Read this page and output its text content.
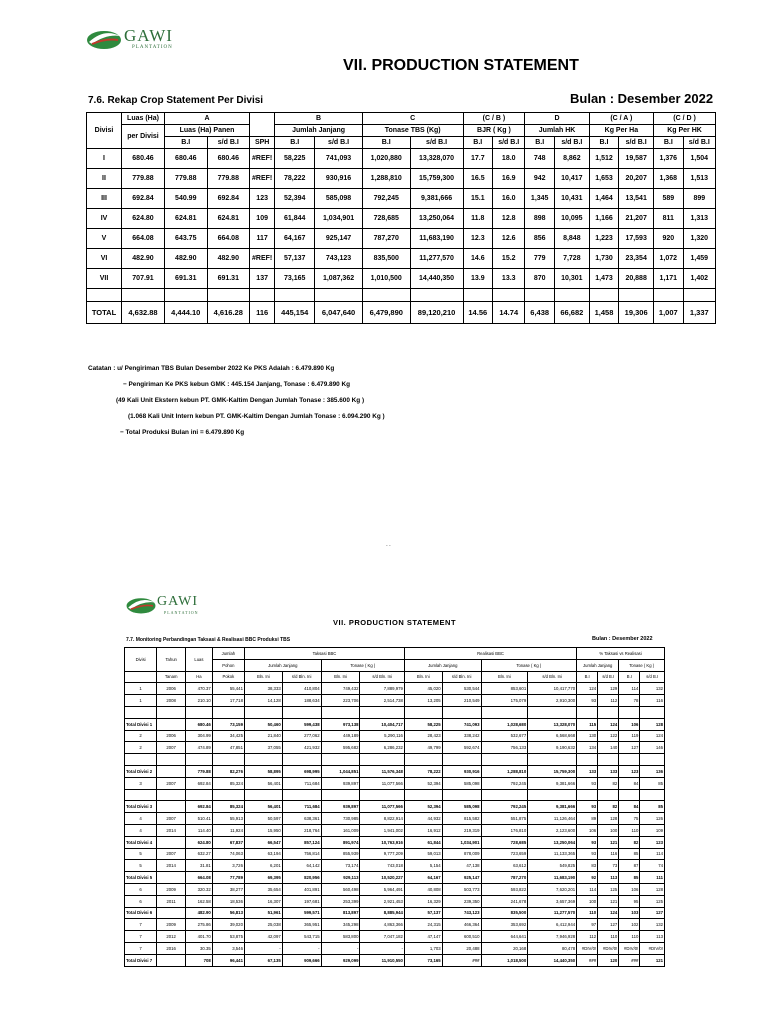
GAWI
PLANTATION
VII. PRODUCTION STATEMENT
7.6. Rekap Crop Statement Per Divisi	Bulan : Desember 2022
Divisi	Luas (Ha)	A			B		C		(C / B )		D		(C / A )		(C / D )	
	per Divisi	Luas (Ha) Panen			Jumlah Janjang		Tonase TBS (Kg)		BJR ( Kg )		Jumlah HK		Kg Per Ha		Kg Per HK	
		B.I	s/d B.I	SPH	B.I	s/d B.I	B.I	s/d B.I	B.I	s/d B.I	B.I	s/d B.I	B.I	s/d B.I	B.I	s/d B.I
I	680.46	680.46	680.46	#REF!	58,225	741,093	1,020,880	13,328,070	17.7	18.0	748	8,862	1,512	19,587	1,376	1,504
II	779.88	779.88	779.88	#REF!	78,222	930,916	1,288,810	15,759,300	16.5	16.9	942	10,417	1,653	20,207	1,368	1,513
III	692.84	540.99	692.84	123	52,394	585,098	792,245	9,381,666	15.1	16.0	1,345	10,431	1,464	13,541	589	899
IV	624.80	624.81	624.81	109	61,844	1,034,901	728,685	13,250,064	11.8	12.8	898	10,095	1,166	21,207	811	1,313
V	664.08	643.75	664.08	117	64,167	925,147	787,270	11,683,190	12.3	12.6	856	8,848	1,223	17,593	920	1,320
VI	482.90	482.90	482.90	#REF!	57,137	743,123	835,500	11,277,570	14.6	15.2	779	7,728	1,730	23,354	1,072	1,459
VII	707.91	691.31	691.31	137	73,165	1,087,362	1,010,500	14,440,350	13.9	13.3	870	10,301	1,473	20,888	1,171	1,402

TOTAL	4,632.88	4,444.10	4,616.28	116	445,154	6,047,640	6,479,890	89,120,210	14.56	14.74	6,438	66,682	1,458	19,306	1,007	1,337
Catatan : u/ Pengiriman TBS Bulan Desember 2022 Ke PKS Adalah : 6.479.890 Kg
− Pengiriman Ke PKS kebun GMK : 445.154 Janjang, Tonase : 6.479.890 Kg
(49 Kali Unit Ekstern kebun PT. GMK-Kaltim Dengan Jumlah Tonase : 385.600 Kg )
(1.068 Kali Unit Intern kebun PT. GMK-Kaltim Dengan Jumlah Tonase : 6.094.290 Kg )
− Total Produksi Bulan ini = 6.479.890 Kg
- -
GAWI
PLANTATION
VII. PRODUCTION STATEMENT
7.7. Monitoring Perbandingan Taksasi & Realisasi BBC Produksi TBS	Bulan : Desember 2022
Divisi	Tahun	Luas	Jumlah	Taksasi BBC				Realisasi BBC				% Taksasi vs Realisasi			
			Pohon	Jumlah Janjang		Tonase ( Kg )		Jumlah Janjang		Tonase ( Kg )		Jumlah Janjang		Tonase ( Kg )	
	Tanam	Ha	Pokok	Bln. Ini	s/d Bln. Ini	Bln. Ini	s/d Bln. Ini	Bln. Ini	s/d Bln. Ini	Bln. Ini	s/d Bln. Ini	B.I	s/d B.I	B.I	s/d B.I
1	2006	470.37	55,441	38,333	410,804	749,432	7,889,979	45,020	530,544	853,601	10,417,770	124	129	114	132
1	2008	210.10	17,718	14,128	188,634	223,706	2,514,738	13,205	210,549	175,079	2,910,300	93	112	78	116

Total Divisi 1		680.46	73,159	50,460	599,438	973,138	10,404,717	58,225	741,093	1,028,680	13,328,070	115	124	106	128
2	2006	304.99	34,425	21,840	277,062	449,189	5,290,116	28,423	338,242	532,677	6,568,668	130	122	119	124
2	2007	474.89	47,851	37,055	421,932	595,682	6,286,232	49,799	592,674	756,133	9,190,632	134	140	127	146

Total Divisi 2		779.88	82,276	58,895	698,995	1,044,851	11,576,348	78,222	930,916	1,288,810	15,759,300	133	133	123	136
3	2007	692.84	85,324	56,401	711,684	939,897	11,077,566	52,394	585,098	792,245	9,381,666	93	82	84	85

Total Divisi 3		692.84	85,324	56,401	711,684	939,897	11,077,566	52,394	585,098	792,245	9,381,666	93	82	84	85
4	2007	510.41	55,913	50,597	638,361	730,985	8,822,914	44,932	815,582	551,875	11,126,464	89	128	75	126
4	2014	114.40	11,924	15,950	218,764	161,009	1,941,002	16,912	219,319	176,810	2,123,600	106	100	110	109
Total Divisi 4		624.80	67,837	66,547	857,124	891,974	10,763,916	61,844	1,034,901	728,685	13,250,064	93	121	82	123
5	2007	632.27	74,063	63,194	756,814	855,939	9,777,209	59,013	878,009	723,659	11,133,365	93	116	85	114
5	2014	31.81	3,726	6,201	64,142	73,174	743,018	5,154	47,138	63,612	549,825	83	73	87	74
Total Divisi 5		664.08	77,789	69,395	820,956	929,113	10,520,227	64,167	925,147	787,270	11,683,190	92	113	85	111
6	2009	320.32	38,277	35,654	401,891	560,498	5,964,491	40,808	503,773	593,822	7,620,201	114	125	106	128
6	2011	162.58	18,536	16,307	197,681	253,399	2,921,453	16,329	239,350	241,678	3,657,369	100	121	95	125
Total Divisi 6		482.90	56,813	51,961	599,571	813,897	8,885,944	57,137	743,123	835,500	11,277,570	110	124	103	127
7	2009	275.86	39,020	25,038	365,951	345,298	4,863,366	24,315	466,364	353,692	6,412,944	97	127	102	132
7	2012	401.70	53,875	42,097	543,715	583,800	7,047,182	47,147	600,510	644,641	7,946,928	112	110	110	113
7	2016	30.35	3,546	-	-	-	-	1,703	20,488	20,168	80,478	#DIV/0!	#DIV/0!	#DIV/0!	#DIV/0!
Total Divisi 7		708	96,441	67,135	909,666	929,099	11,910,550	73,165	###	1,018,500	14,440,350	###	120	###	121
